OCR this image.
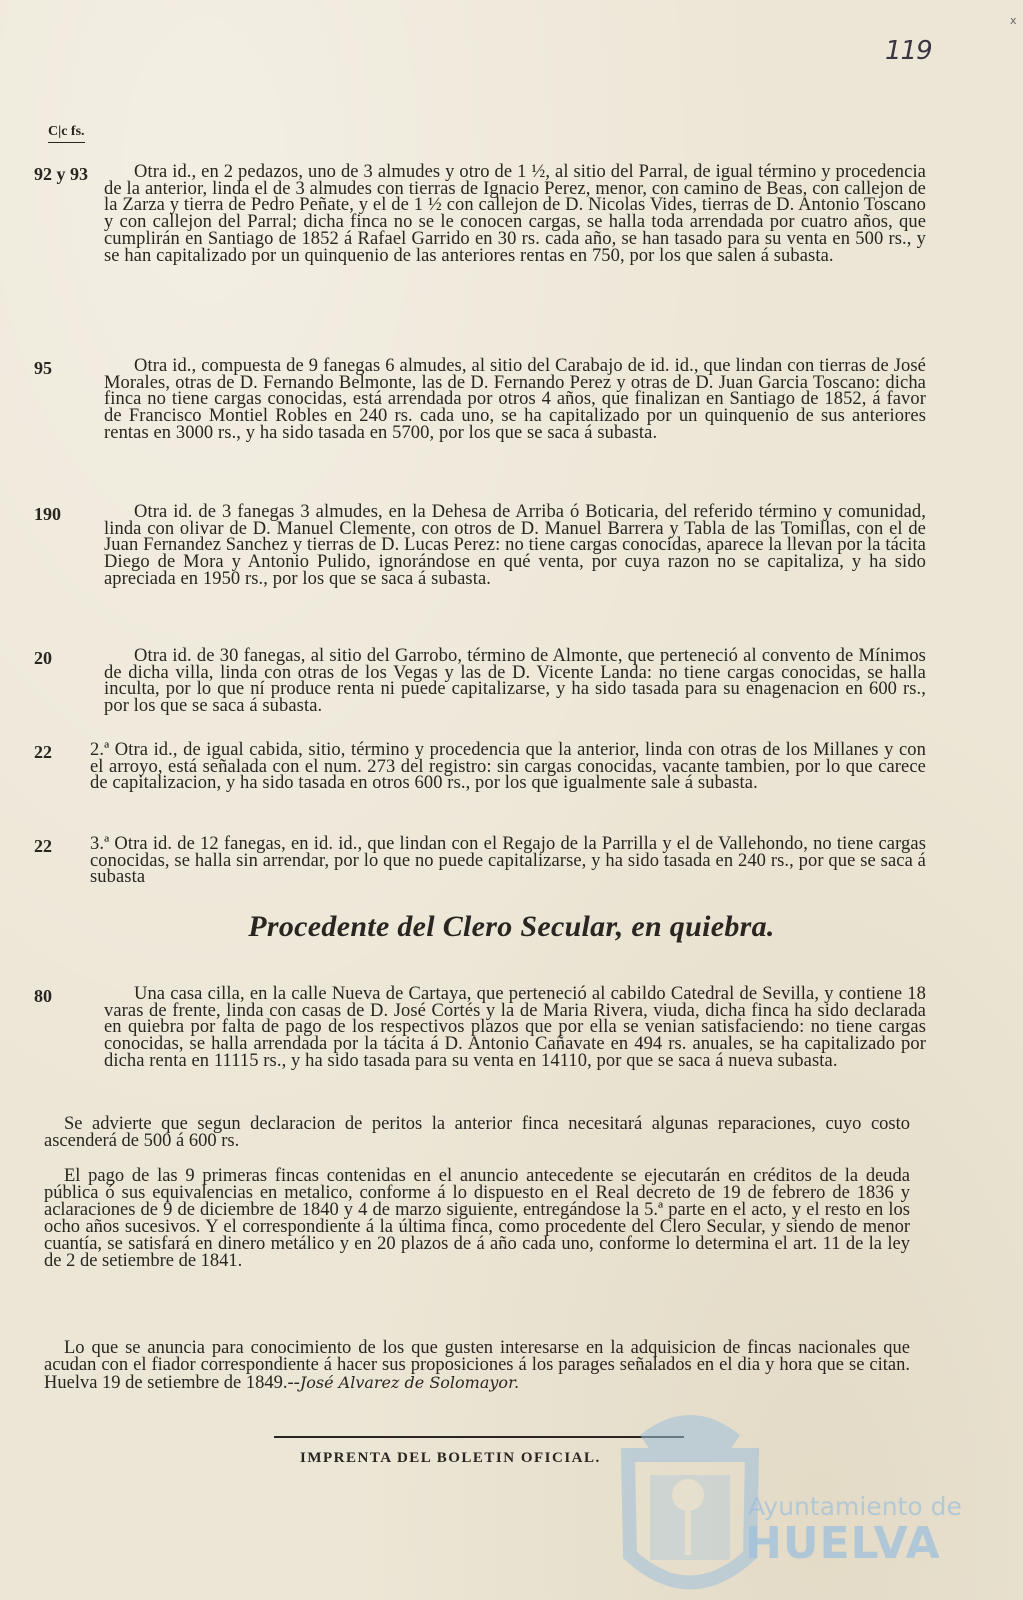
x
119
C|c fs.
92 y 93	Otra id., en 2 pedazos, uno de 3 almudes y otro de 1 ½, al sitio del Parral, de igual término y procedencia de la anterior, linda el de 3 almudes con tierras de Ignacio Perez, menor, con camino de Beas, con callejon de la Zarza y tierra de Pedro Peñate, y el de 1 ½ con callejon de D. Nicolas Vides, tierras de D. Antonio Toscano y con callejon del Parral; dicha finca no se le conocen cargas, se halla toda arrendada por cuatro años, que cumplirán en Santiago de 1852 á Rafael Garrido en 30 rs. cada año, se han tasado para su venta en 500 rs., y se han capitalizado por un quinquenio de las anteriores rentas en 750, por los que salen á subasta.
95	Otra id., compuesta de 9 fanegas 6 almudes, al sitio del Carabajo de id. id., que lindan con tierras de José Morales, otras de D. Fernando Belmonte, las de D. Fernando Perez y otras de D. Juan Garcia Toscano: dicha finca no tiene cargas conocidas, está arrendada por otros 4 años, que finalizan en Santiago de 1852, á favor de Francisco Montiel Robles en 240 rs. cada uno, se ha capitalizado por un quinquenio de sus anteriores rentas en 3000 rs., y ha sido tasada en 5700, por los que se saca á subasta.
190	Otra id. de 3 fanegas 3 almudes, en la Dehesa de Arriba ó Boticaria, del referido término y comunidad, linda con olivar de D. Manuel Clemente, con otros de D. Manuel Barrera y Tabla de las Tomillas, con el de Juan Fernandez Sanchez y tierras de D. Lucas Perez: no tiene cargas conocidas, aparece la llevan por la tácita Diego de Mora y Antonio Pulido, ignorándose en qué venta, por cuya razon no se capitaliza, y ha sido apreciada en 1950 rs., por los que se saca á subasta.
20	Otra id. de 30 fanegas, al sitio del Garrobo, término de Almonte, que perteneció al convento de Mínimos de dicha villa, linda con otras de los Vegas y las de D. Vicente Landa: no tiene cargas conocidas, se halla inculta, por lo que ní produce renta ni puede capitalizarse, y ha sido tasada para su enagenacion en 600 rs., por los que se saca á subasta.
22 2.ª Otra id., de igual cabida, sitio, término y procedencia que la anterior, linda con otras de los Millanes y con el arroyo, está señalada con el num. 273 del registro: sin cargas conocidas, vacante tambien, por lo que carece de capitalizacion, y ha sido tasada en otros 600 rs., por los que igualmente sale á subasta.
22 3.ª Otra id. de 12 fanegas, en id. id., que lindan con el Regajo de la Parrilla y el de Vallehondo, no tiene cargas conocidas, se halla sin arrendar, por lo que no puede capitalizarse, y ha sido tasada en 240 rs., por que se saca á subasta
Procedente del Clero Secular, en quiebra.
80	Una casa cilla, en la calle Nueva de Cartaya, que perteneció al cabildo Catedral de Sevilla, y contiene 18 varas de frente, linda con casas de D. José Cortés y la de Maria Rivera, viuda, dicha finca ha sido declarada en quiebra por falta de pago de los respectivos plazos que por ella se venian satisfaciendo: no tiene cargas conocidas, se halla arrendada por la tácita á D. Antonio Cañavate en 494 rs. anuales, se ha capitalizado por dicha renta en 11115 rs., y ha sido tasada para su venta en 14110, por que se saca á nueva subasta.
Se advierte que segun declaracion de peritos la anterior finca necesitará algunas reparaciones, cuyo costo ascenderá de 500 á 600 rs.
El pago de las 9 primeras fincas contenidas en el anuncio antecedente se ejecutarán en créditos de la deuda pública ó sus equivalencias en metalico, conforme á lo dispuesto en el Real decreto de 19 de febrero de 1836 y aclaraciones de 9 de diciembre de 1840 y 4 de marzo siguiente, entregándose la 5.ª parte en el acto, y el resto en los ocho años sucesivos. Y el correspondiente á la última finca, como procedente del Clero Secular, y siendo de menor cuantía, se satisfará en dinero metálico y en 20 plazos de á año cada uno, conforme lo determina el art. 11 de la ley de 2 de setiembre de 1841.
Lo que se anuncia para conocimiento de los que gusten interesarse en la adquisicion de fincas nacionales que acudan con el fiador correspondiente á hacer sus proposiciones á los parages señalados en el dia y hora que se citan. Huelva 19 de setiembre de 1849.--José Alvarez de Solomayor.
IMPRENTA DEL BOLETIN OFICIAL.
Ayuntamiento de
HUELVA
